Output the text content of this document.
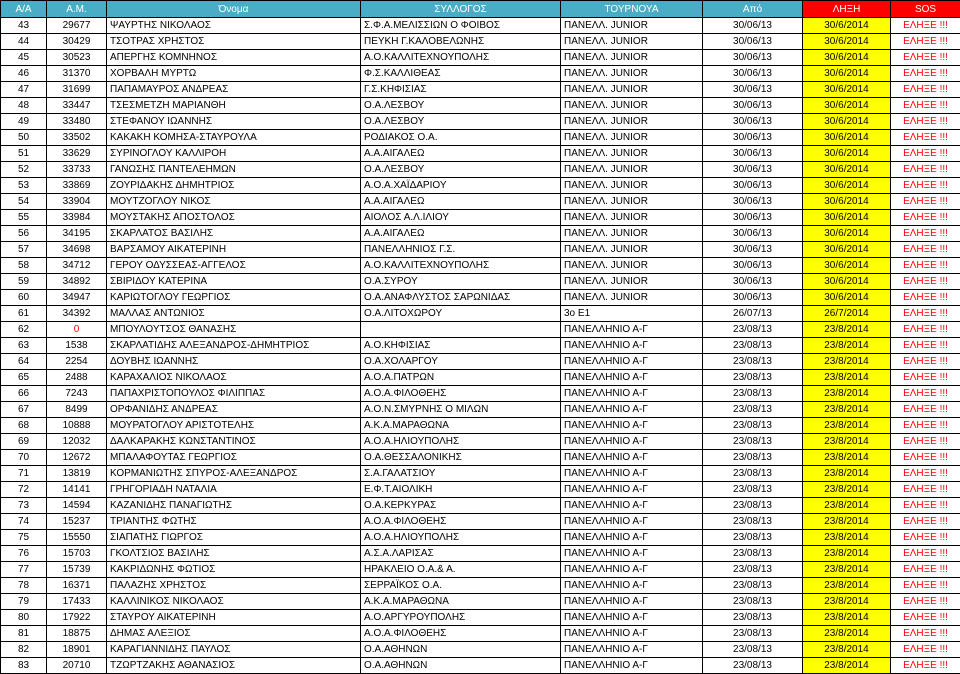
Α/Α	Α.Μ.	Όνομα	ΣΥΛΛΟΓΟΣ	ΤΟΥΡΝΟΥΑ	Από	ΛΗΞΗ	SOS
43	29677	ΨΑΥΡΤΗΣ ΝΙΚΟΛΑΟΣ	Σ.Φ.Α.ΜΕΛΙΣΣΙΩΝ Ο ΦΟΙΒΟΣ	ΠΑΝΕΛΛ. JUNIOR	30/06/13	30/6/2014	ΕΛΗΞΕ !!!
44	30429	ΤΣΟΤΡΑΣ ΧΡΗΣΤΟΣ	ΠΕΥΚΗ Γ.ΚΑΛΟΒΕΛΩΝΗΣ	ΠΑΝΕΛΛ. JUNIOR	30/06/13	30/6/2014	ΕΛΗΞΕ !!!
45	30523	ΑΠΕΡΓΗΣ ΚΟΜΝΗΝΟΣ	Α.Ο.ΚΑΛΛΙΤΕΧΝΟΥΠΟΛΗΣ	ΠΑΝΕΛΛ. JUNIOR	30/06/13	30/6/2014	ΕΛΗΞΕ !!!
46	31370	ΧΟΡΒΑΛΗ ΜΥΡΤΩ	Φ.Σ.ΚΑΛΛΙΘΕΑΣ	ΠΑΝΕΛΛ. JUNIOR	30/06/13	30/6/2014	ΕΛΗΞΕ !!!
47	31699	ΠΑΠΑΜΑΥΡΟΣ ΑΝΔΡΕΑΣ	Γ.Σ.ΚΗΦΙΣΙΑΣ	ΠΑΝΕΛΛ. JUNIOR	30/06/13	30/6/2014	ΕΛΗΞΕ !!!
48	33447	ΤΣΕΣΜΕΤΖΗ ΜΑΡΙΑΝΘΗ	Ο.Α.ΛΕΣΒΟΥ	ΠΑΝΕΛΛ. JUNIOR	30/06/13	30/6/2014	ΕΛΗΞΕ !!!
49	33480	ΣΤΕΦΑΝΟΥ ΙΩΑΝΝΗΣ	Ο.Α.ΛΕΣΒΟΥ	ΠΑΝΕΛΛ. JUNIOR	30/06/13	30/6/2014	ΕΛΗΞΕ !!!
50	33502	ΚΑΚΑΚΗ ΚΟΜΗΣΑ-ΣΤΑΥΡΟΥΛΑ	ΡΟΔΙΑΚΟΣ Ο.Α.	ΠΑΝΕΛΛ. JUNIOR	30/06/13	30/6/2014	ΕΛΗΞΕ !!!
51	33629	ΣΥΡΙΝΟΓΛΟΥ ΚΑΛΛΙΡΟΗ	Α.Α.ΑΙΓΑΛΕΩ	ΠΑΝΕΛΛ. JUNIOR	30/06/13	30/6/2014	ΕΛΗΞΕ !!!
52	33733	ΓΑΝΩΣΗΣ ΠΑΝΤΕΛΕΗΜΩΝ	Ο.Α.ΛΕΣΒΟΥ	ΠΑΝΕΛΛ. JUNIOR	30/06/13	30/6/2014	ΕΛΗΞΕ !!!
53	33869	ΖΟΥΡΙΔΑΚΗΣ ΔΗΜΗΤΡΙΟΣ	Α.Ο.Α.ΧΑΪΔΑΡΙΟΥ	ΠΑΝΕΛΛ. JUNIOR	30/06/13	30/6/2014	ΕΛΗΞΕ !!!
54	33904	ΜΟΥΤΖΟΓΛΟΥ ΝΙΚΟΣ	Α.Α.ΑΙΓΑΛΕΩ	ΠΑΝΕΛΛ. JUNIOR	30/06/13	30/6/2014	ΕΛΗΞΕ !!!
55	33984	ΜΟΥΣΤΑΚΗΣ ΑΠΟΣΤΟΛΟΣ	ΑΙΟΛΟΣ Α.Λ.ΙΛΙΟΥ	ΠΑΝΕΛΛ. JUNIOR	30/06/13	30/6/2014	ΕΛΗΞΕ !!!
56	34195	ΣΚΑΡΛΑΤΟΣ ΒΑΣΙΛΗΣ	Α.Α.ΑΙΓΑΛΕΩ	ΠΑΝΕΛΛ. JUNIOR	30/06/13	30/6/2014	ΕΛΗΞΕ !!!
57	34698	ΒΑΡΣΑΜΟΥ ΑΙΚΑΤΕΡΙΝΗ	ΠΑΝΕΛΛΗΝΙΟΣ Γ.Σ.	ΠΑΝΕΛΛ. JUNIOR	30/06/13	30/6/2014	ΕΛΗΞΕ !!!
58	34712	ΓΕΡΟΥ ΟΔΥΣΣΕΑΣ-ΑΓΓΕΛΟΣ	Α.Ο.ΚΑΛΛΙΤΕΧΝΟΥΠΟΛΗΣ	ΠΑΝΕΛΛ. JUNIOR	30/06/13	30/6/2014	ΕΛΗΞΕ !!!
59	34892	ΣΒΙΡΙΔΟΥ ΚΑΤΕΡΙΝΑ	Ο.Α.ΣΥΡΟΥ	ΠΑΝΕΛΛ. JUNIOR	30/06/13	30/6/2014	ΕΛΗΞΕ !!!
60	34947	ΚΑΡΙΩΤΟΓΛΟΥ ΓΕΩΡΓΙΟΣ	Ο.Α.ΑΝΑΦΛΥΣΤΟΣ ΣΑΡΩΝΙΔΑΣ	ΠΑΝΕΛΛ. JUNIOR	30/06/13	30/6/2014	ΕΛΗΞΕ !!!
61	34392	ΜΑΛΛΑΣ ΑΝΤΩΝΙΟΣ	Ο.Α.ΛΙΤΟΧΩΡΟΥ	3ο Ε1	26/07/13	26/7/2014	ΕΛΗΞΕ !!!
62	0	ΜΠΟΥΛΟΥΤΣΟΣ ΘΑΝΑΣΗΣ		ΠΑΝΕΛΛΗΝΙΟ Α-Γ	23/08/13	23/8/2014	ΕΛΗΞΕ !!!
63	1538	ΣΚΑΡΛΑΤΙΔΗΣ ΑΛΕΞΑΝΔΡΟΣ-ΔΗΜΗΤΡΙΟΣ	Α.Ο.ΚΗΦΙΣΙΑΣ	ΠΑΝΕΛΛΗΝΙΟ Α-Γ	23/08/13	23/8/2014	ΕΛΗΞΕ !!!
64	2254	ΔΟΥΒΗΣ ΙΩΑΝΝΗΣ	Ο.Α.ΧΟΛΑΡΓΟΥ	ΠΑΝΕΛΛΗΝΙΟ Α-Γ	23/08/13	23/8/2014	ΕΛΗΞΕ !!!
65	2488	ΚΑΡΑΧΑΛΙΟΣ ΝΙΚΟΛΑΟΣ	Α.Ο.Α.ΠΑΤΡΩΝ	ΠΑΝΕΛΛΗΝΙΟ Α-Γ	23/08/13	23/8/2014	ΕΛΗΞΕ !!!
66	7243	ΠΑΠΑΧΡΙΣΤΟΠΟΥΛΟΣ ΦΙΛΙΠΠΑΣ	Α.Ο.Α.ΦΙΛΟΘΕΗΣ	ΠΑΝΕΛΛΗΝΙΟ Α-Γ	23/08/13	23/8/2014	ΕΛΗΞΕ !!!
67	8499	ΟΡΦΑΝΙΔΗΣ ΑΝΔΡΕΑΣ	Α.Ο.Ν.ΣΜΥΡΝΗΣ Ο ΜΙΛΩΝ	ΠΑΝΕΛΛΗΝΙΟ Α-Γ	23/08/13	23/8/2014	ΕΛΗΞΕ !!!
68	10888	ΜΟΥΡΑΤΟΓΛΟΥ ΑΡΙΣΤΟΤΕΛΗΣ	Α.Κ.Α.ΜΑΡΑΘΩΝΑ	ΠΑΝΕΛΛΗΝΙΟ Α-Γ	23/08/13	23/8/2014	ΕΛΗΞΕ !!!
69	12032	ΔΑΛΚΑΡΑΚΗΣ ΚΩΝΣΤΑΝΤΙΝΟΣ	Α.Ο.Α.ΗΛΙΟΥΠΟΛΗΣ	ΠΑΝΕΛΛΗΝΙΟ Α-Γ	23/08/13	23/8/2014	ΕΛΗΞΕ !!!
70	12672	ΜΠΑΛΑΦΟΥΤΑΣ ΓΕΩΡΓΙΟΣ	Ο.Α.ΘΕΣΣΑΛΟΝΙΚΗΣ	ΠΑΝΕΛΛΗΝΙΟ Α-Γ	23/08/13	23/8/2014	ΕΛΗΞΕ !!!
71	13819	ΚΟΡΜΑΝΙΩΤΗΣ ΣΠΥΡΟΣ-ΑΛΕΞΑΝΔΡΟΣ	Σ.Α.ΓΑΛΑΤΣΙΟΥ	ΠΑΝΕΛΛΗΝΙΟ Α-Γ	23/08/13	23/8/2014	ΕΛΗΞΕ !!!
72	14141	ΓΡΗΓΟΡΙΑΔΗ ΝΑΤΑΛΙΑ	Ε.Φ.Τ.ΑΙΟΛΙΚΗ	ΠΑΝΕΛΛΗΝΙΟ Α-Γ	23/08/13	23/8/2014	ΕΛΗΞΕ !!!
73	14594	ΚΑΖΑΝΙΔΗΣ ΠΑΝΑΓΙΩΤΗΣ	Ο.Α.ΚΕΡΚΥΡΑΣ	ΠΑΝΕΛΛΗΝΙΟ Α-Γ	23/08/13	23/8/2014	ΕΛΗΞΕ !!!
74	15237	ΤΡΙΑΝΤΗΣ ΦΩΤΗΣ	Α.Ο.Α.ΦΙΛΟΘΕΗΣ	ΠΑΝΕΛΛΗΝΙΟ Α-Γ	23/08/13	23/8/2014	ΕΛΗΞΕ !!!
75	15550	ΣΙΑΠΑΤΗΣ ΓΙΩΡΓΟΣ	Α.Ο.Α.ΗΛΙΟΥΠΟΛΗΣ	ΠΑΝΕΛΛΗΝΙΟ Α-Γ	23/08/13	23/8/2014	ΕΛΗΞΕ !!!
76	15703	ΓΚΟΛΤΣΙΟΣ ΒΑΣΙΛΗΣ	Α.Σ.Α.ΛΑΡΙΣΑΣ	ΠΑΝΕΛΛΗΝΙΟ Α-Γ	23/08/13	23/8/2014	ΕΛΗΞΕ !!!
77	15739	ΚΑΚΡΙΔΩΝΗΣ ΦΩΤΙΟΣ	ΗΡΑΚΛΕΙΟ Ο.Α.& Α.	ΠΑΝΕΛΛΗΝΙΟ Α-Γ	23/08/13	23/8/2014	ΕΛΗΞΕ !!!
78	16371	ΠΑΛΑΖΗΣ ΧΡΗΣΤΟΣ	ΣΕΡΡΑΪΚΟΣ Ο.Α.	ΠΑΝΕΛΛΗΝΙΟ Α-Γ	23/08/13	23/8/2014	ΕΛΗΞΕ !!!
79	17433	ΚΑΛΛΙΝΙΚΟΣ ΝΙΚΟΛΑΟΣ	Α.Κ.Α.ΜΑΡΑΘΩΝΑ	ΠΑΝΕΛΛΗΝΙΟ Α-Γ	23/08/13	23/8/2014	ΕΛΗΞΕ !!!
80	17922	ΣΤΑΥΡΟΥ ΑΙΚΑΤΕΡΙΝΗ	Α.Ο.ΑΡΓΥΡΟΥΠΟΛΗΣ	ΠΑΝΕΛΛΗΝΙΟ Α-Γ	23/08/13	23/8/2014	ΕΛΗΞΕ !!!
81	18875	ΔΗΜΑΣ ΑΛΕΞΙΟΣ	Α.Ο.Α.ΦΙΛΟΘΕΗΣ	ΠΑΝΕΛΛΗΝΙΟ Α-Γ	23/08/13	23/8/2014	ΕΛΗΞΕ !!!
82	18901	ΚΑΡΑΓΙΑΝΝΙΔΗΣ ΠΑΥΛΟΣ	Ο.Α.ΑΘΗΝΩΝ	ΠΑΝΕΛΛΗΝΙΟ Α-Γ	23/08/13	23/8/2014	ΕΛΗΞΕ !!!
83	20710	ΤΖΩΡΤΖΑΚΗΣ ΑΘΑΝΑΣΙΟΣ	Ο.Α.ΑΘΗΝΩΝ	ΠΑΝΕΛΛΗΝΙΟ Α-Γ	23/08/13	23/8/2014	ΕΛΗΞΕ !!!
